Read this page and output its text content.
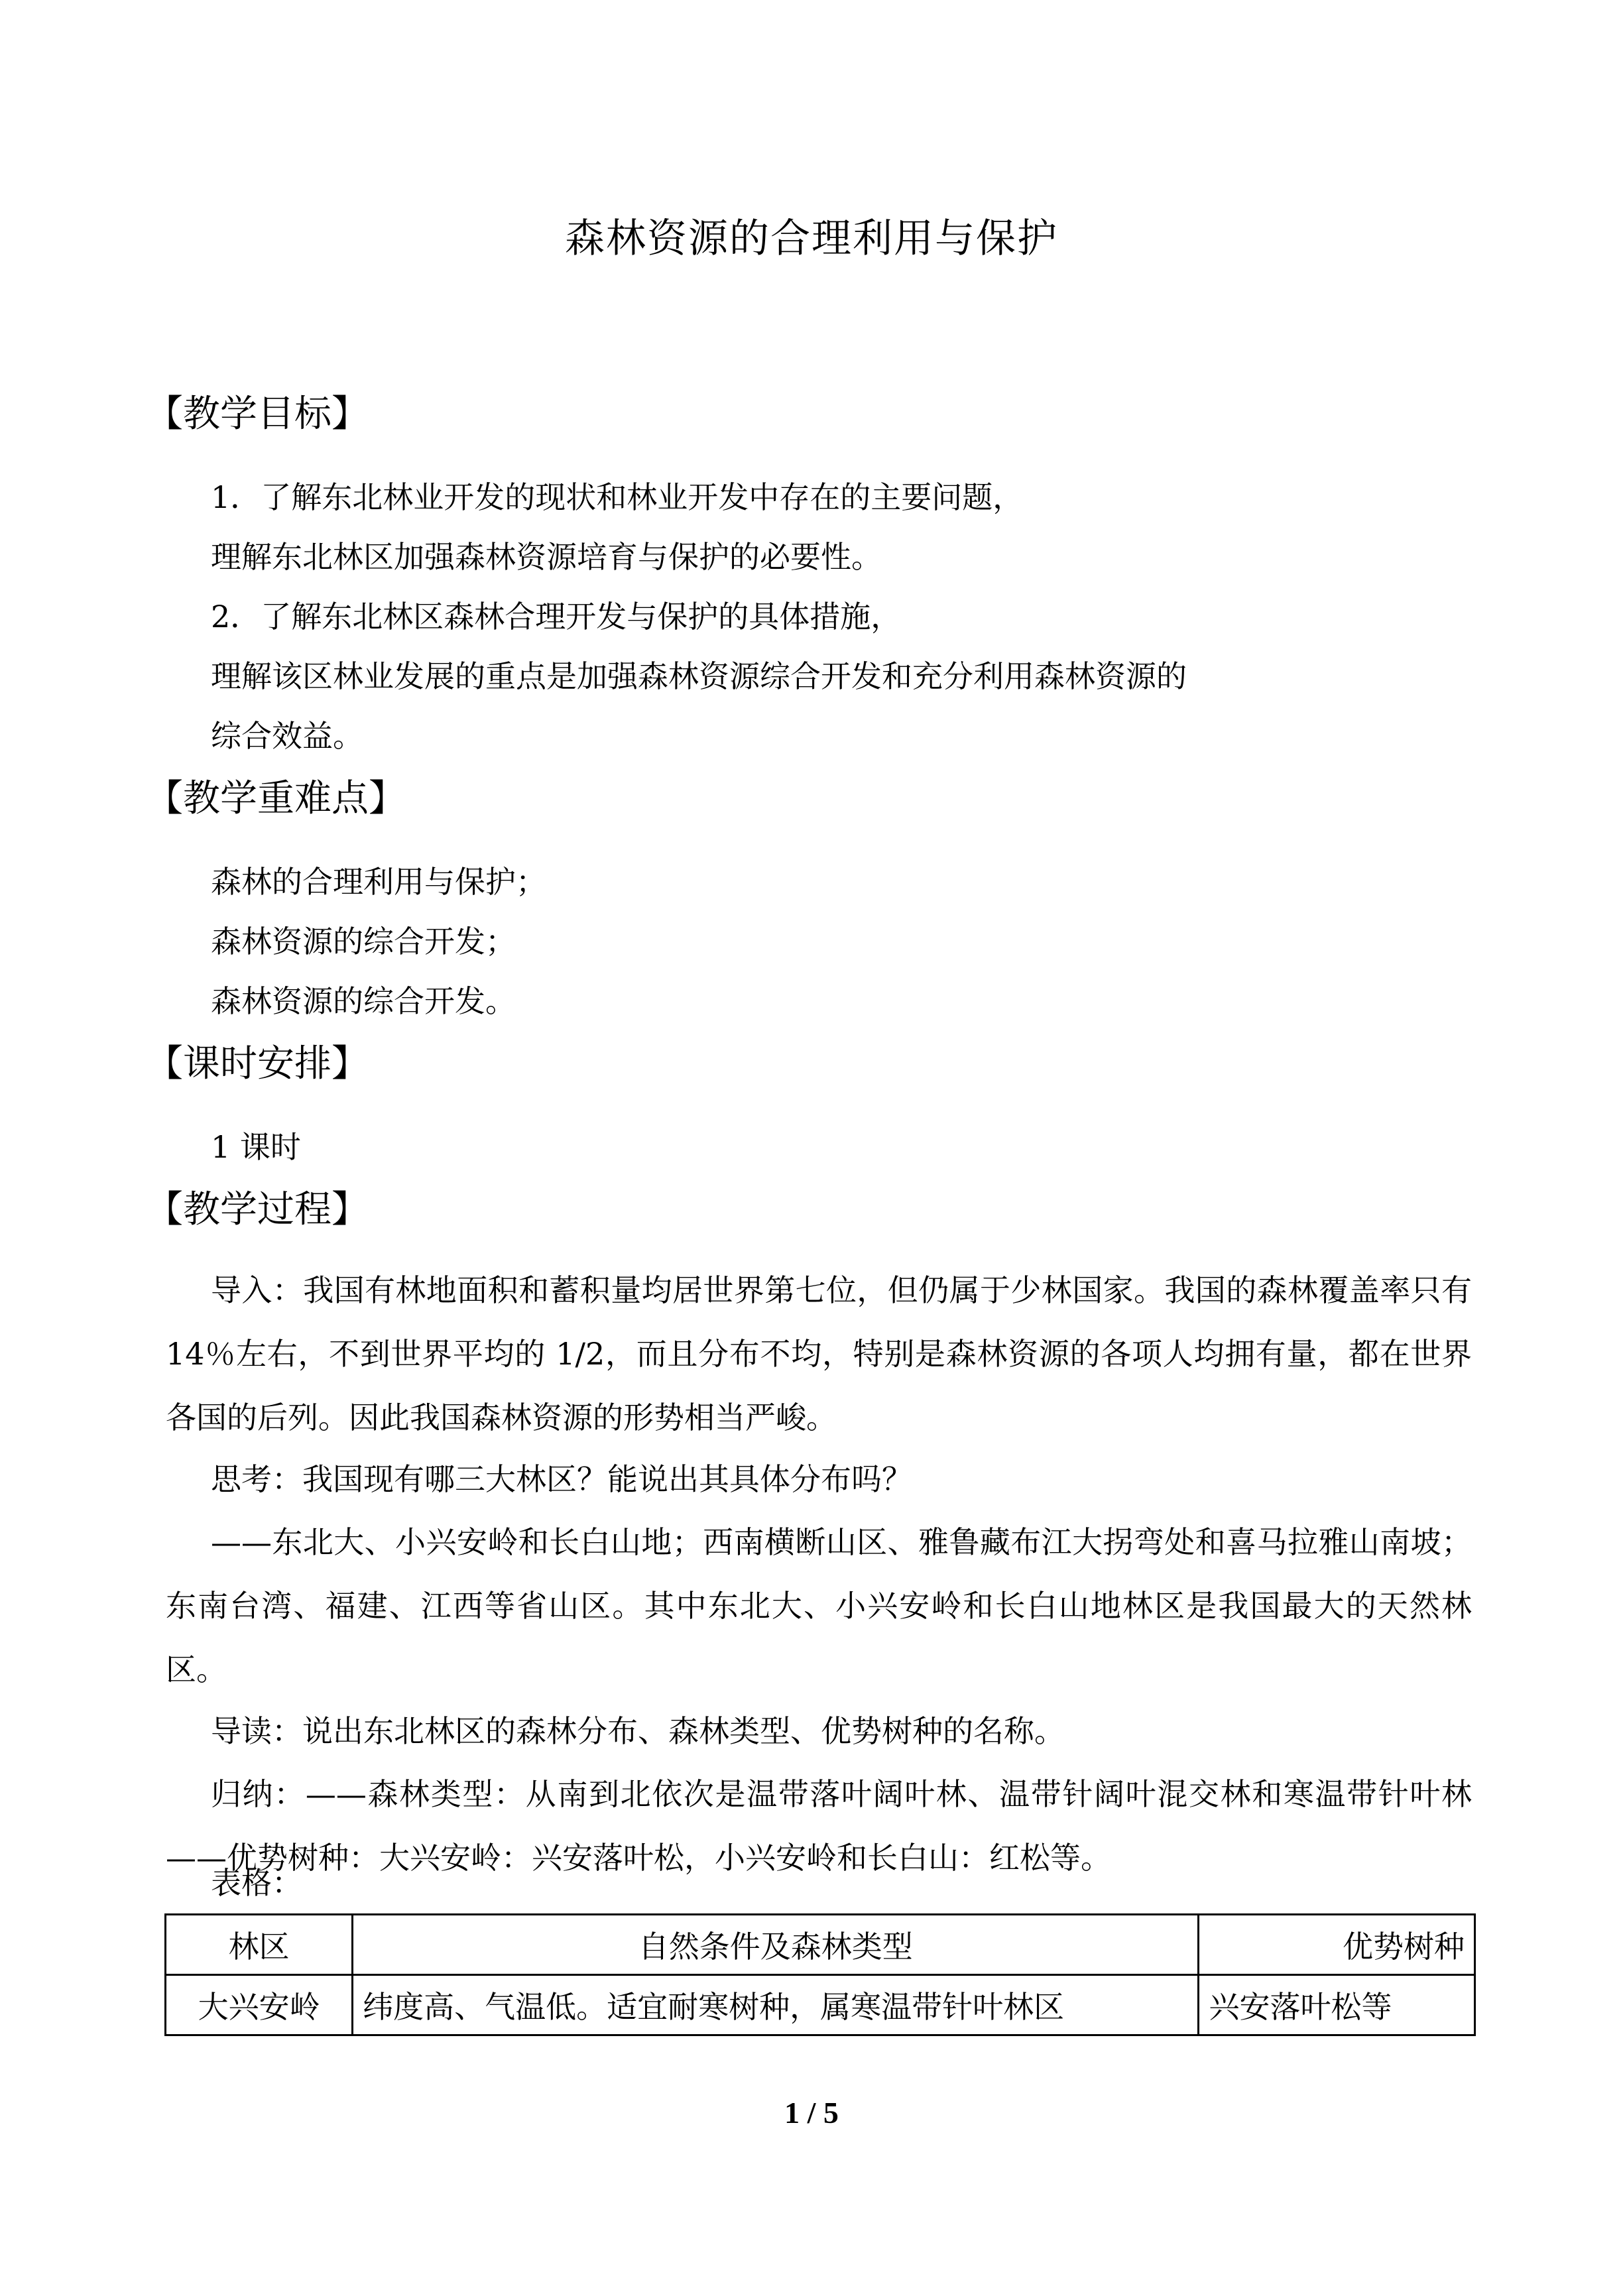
森林资源的合理利用与保护
【教学目标】
1．了解东北林业开发的现状和林业开发中存在的主要问题，
理解东北林区加强森林资源培育与保护的必要性。
2．了解东北林区森林合理开发与保护的具体措施，
理解该区林业发展的重点是加强森林资源综合开发和充分利用森林资源的
综合效益。
【教学重难点】
森林的合理利用与保护；
森林资源的综合开发；
森林资源的综合开发。
【课时安排】
1 课时
【教学过程】

导入：我国有林地面积和蓄积量均居世界第七位，但仍属于少林国家。我国的森林覆盖率只有 14％左右，不到世界平均的 1/2，而且分布不均，特别是森林资源的各项人均拥有量，都在世界各国的后列。因此我国森林资源的形势相当严峻。

思考：我国现有哪三大林区？能说出其具体分布吗？

——东北大、小兴安岭和长白山地；西南横断山区、雅鲁藏布江大拐弯处和喜马拉雅山南坡；东南台湾、福建、江西等省山区。其中东北大、小兴安岭和长白山地林区是我国最大的天然林区。

导读：说出东北林区的森林分布、森林类型、优势树种的名称。

归纳：——森林类型：从南到北依次是温带落叶阔叶林、温带针阔叶混交林和寒温带针叶林——优势树种：大兴安岭：兴安落叶松，小兴安岭和长白山：红松等。

表格：
林区	自然条件及森林类型	优势树种
大兴安岭	纬度高、气温低。适宜耐寒树种，属寒温带针叶林区	兴安落叶松等
1 / 5
